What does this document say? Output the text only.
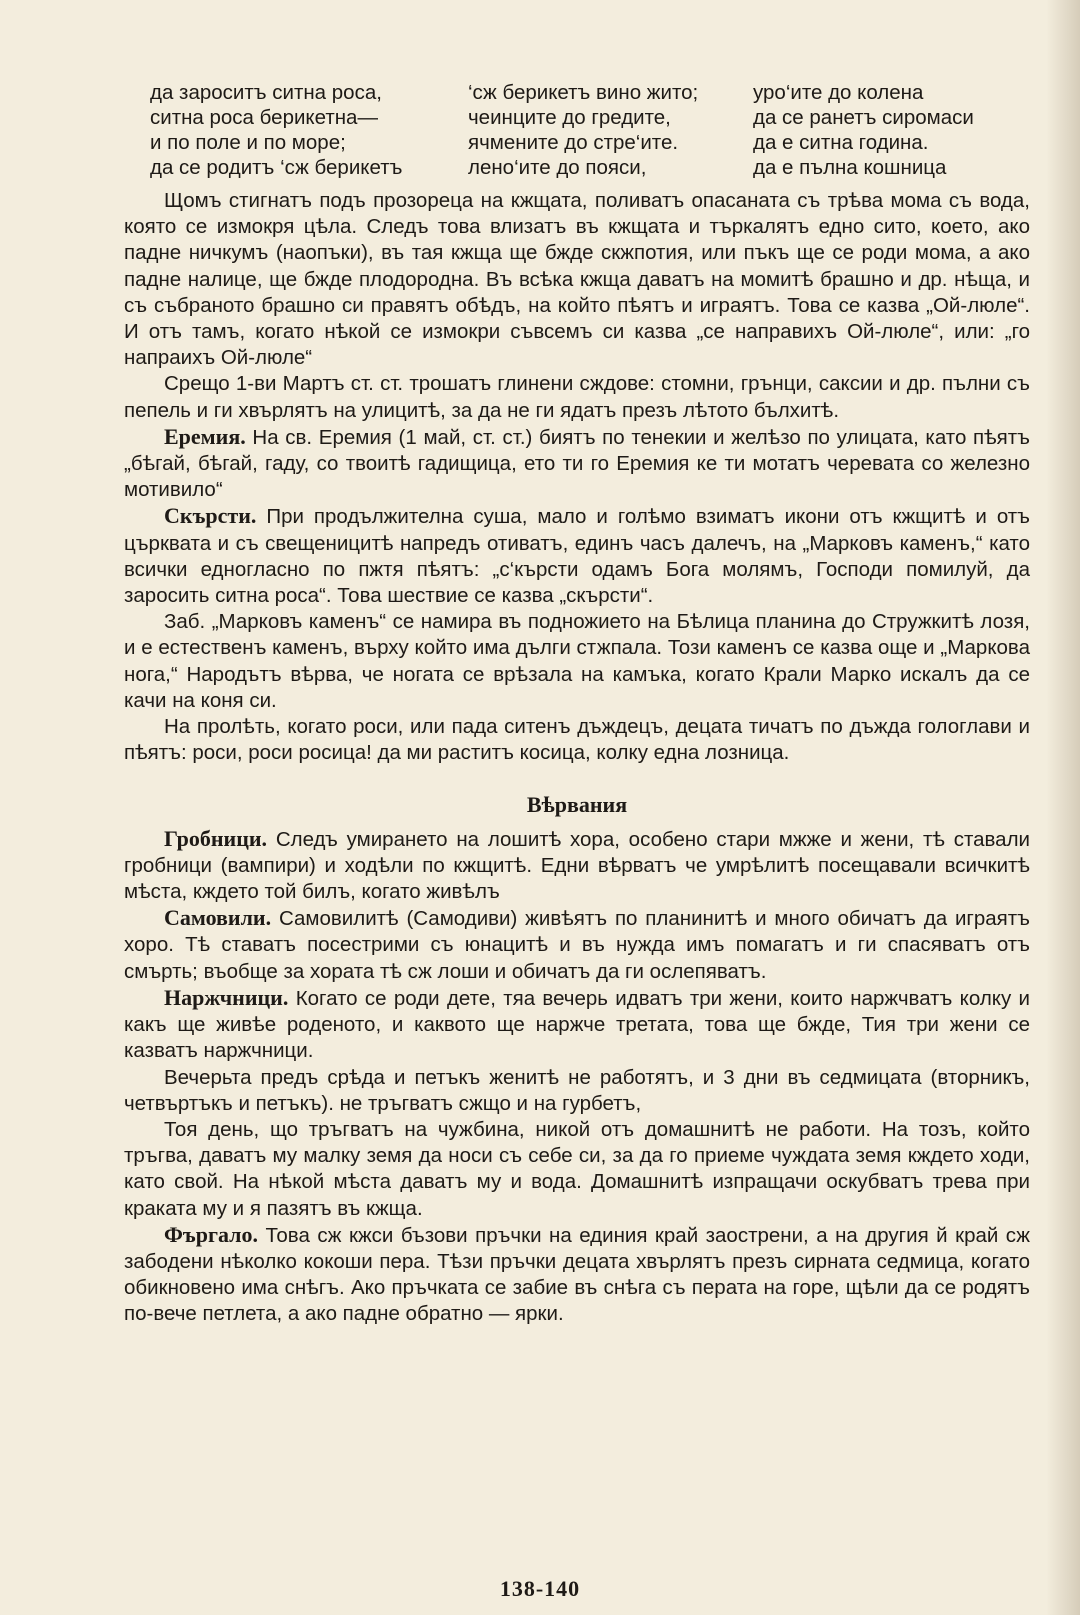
да зароситъ ситна роса,
ситна роса берикетна—
и по поле и по море;
да се родитъ ‘сж берикетъ
‘сж берикетъ вино жито;
чеинците до гредите,
ячмените до стре‘ите.
лено‘ите до пояси,
уро‘ите до колена
да се ранетъ сиромаси
да е ситна година.
да е пълна кошница

Щомъ стигнатъ подъ прозореца на кжщата, поливатъ опасаната съ трѣва мома съ вода, която се измокря цѣла. Следъ това влизатъ въ кжщата и търкалятъ едно сито, което, ако падне ничкумъ (наопъки), въ тая кжща ще бжде скжпотия, или пъкъ ще се роди мома, а ако падне налице, ще бжде плодородна. Въ всѣка кжща даватъ на момитѣ брашно и др. нѣща, и съ събраното брашно си правятъ обѣдъ, на който пѣятъ и играятъ. Това се казва „Ой-люле“. И отъ тамъ, когато нѣкой се измокри съвсемъ си казва „се направихъ Ой-люле“, или: „го напраихъ Ой-люле“

Срещо 1-ви Мартъ ст. ст. трошатъ глинени сждове: стомни, грънци, саксии и др. пълни съ пепель и ги хвърлятъ на улицитѣ, за да не ги ядатъ презъ лѣтото бълхитѣ.

Еремия. На св. Еремия (1 май, ст. ст.) биятъ по тенекии и желѣзо по улицата, като пѣятъ „бѣгай, бѣгай, гаду, со твоитѣ гадищица, ето ти го Еремия ке ти мотатъ черевата со железно мотивило“

Скърсти. При продължителна суша, мало и голѣмо взиматъ икони отъ кжщитѣ и отъ църквата и съ свещеницитѣ напредъ отиватъ, единъ часъ далечъ, на „Марковъ каменъ,“ като всички едногласно по пжтя пѣятъ: „с‘кърсти одамъ Бога молямъ, Господи помилуй, да заросить ситна роса“. Това шествие се казва „скърсти“.

Заб. „Марковъ каменъ“ се намира въ подножието на Бѣлица планина до Стружкитѣ лозя, и е естественъ каменъ, върху който има дълги стжпала. Този каменъ се казва още и „Маркова нога,“ Народътъ вѣрва, че ногата се врѣзала на камъка, когато Крали Марко искалъ да се качи на коня си.

На пролѣть, когато роси, или пада ситенъ дъждецъ, децата тичатъ по дъжда гологлави и пѣятъ: роси, роси росица! да ми раститъ косица, колку една лозница.

Вѣрвания

Гробници. Следъ умирането на лошитѣ хора, особено стари мжже и жени, тѣ ставали гробници (вампири) и ходѣли по кжщитѣ. Едни вѣрватъ че умрѣлитѣ посещавали всичкитѣ мѣста, кждето той билъ, когато живѣлъ

Самовили. Самовилитѣ (Самодиви) живѣятъ по планинитѣ и много обичатъ да играятъ хоро. Тѣ ставатъ посестрими съ юнацитѣ и въ нужда имъ помагатъ и ги спасяватъ отъ смърть; въобще за хората тѣ сж лоши и обичатъ да ги ослепяватъ.

Наржчници. Когато се роди дете, тяа вечерь идватъ три жени, които наржчватъ колку и какъ ще живѣе роденото, и каквото ще наржче третата, това ще бжде, Тия три жени се казватъ наржчници.

Вечерьта предъ срѣда и петъкъ женитѣ не работятъ, и 3 дни въ седмицата (вторникъ, четвъртъкъ и петъкъ). не тръгватъ сжщо и на гурбетъ,

Тоя день, що тръгватъ на чужбина, никой отъ домашнитѣ не работи. На тозъ, който тръгва, даватъ му малку земя да носи съ себе си, за да го приеме чуждата земя кждето ходи, като свой. На нѣкой мѣста даватъ му и вода. Домашнитѣ изпращачи оскубватъ трева при краката му и я пазятъ въ кжща.

Фъргало. Това сж кжси бъзови пръчки на единия край заострени, а на другия й край сж забодени нѣколко кокоши пера. Тѣзи пръчки децата хвърлятъ презъ сирната седмица, когато обикновено има снѣгъ. Ако пръчката се забие въ снѣга съ перата на горе, щѣли да се родятъ по-вече петлета, а ако падне обратно — ярки.

138-140
